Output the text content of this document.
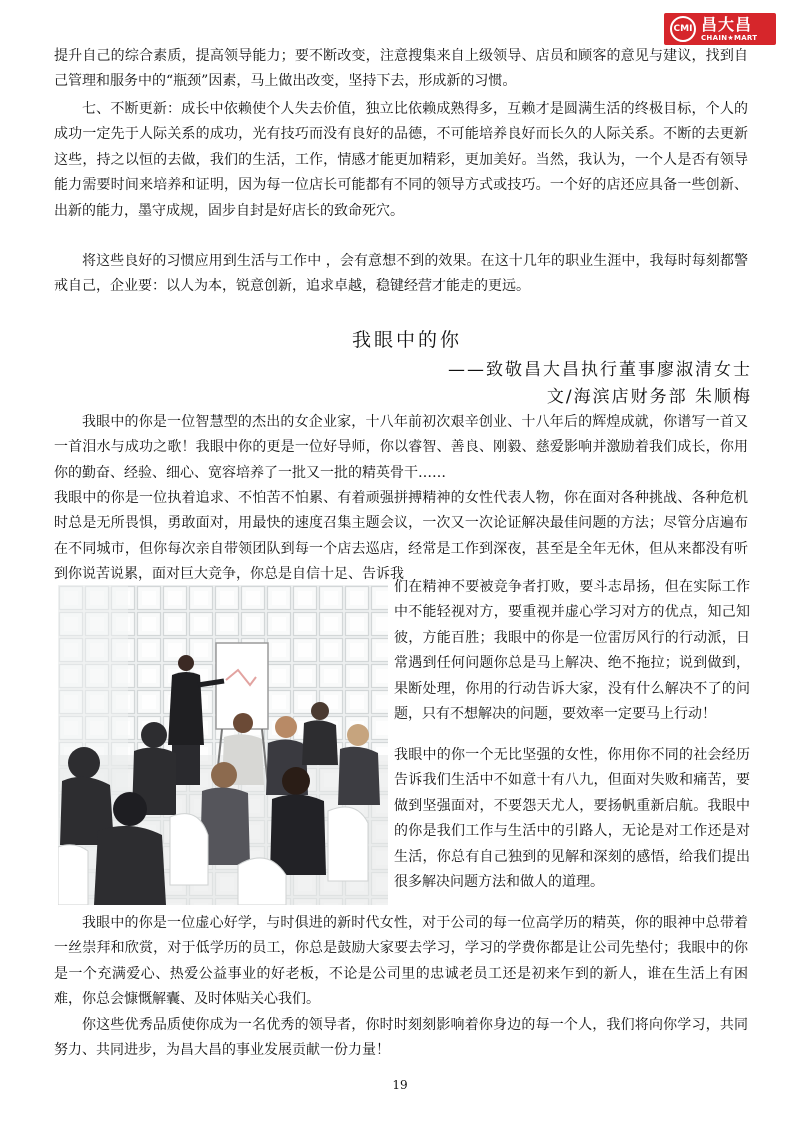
CMI 昌大昌
CHAIN★MART

提升自己的综合素质，提高领导能力；要不断改变，注意搜集来自上级领导、店员和顾客的意见与建议，找到自己管理和服务中的“瓶颈”因素，马上做出改变，坚持下去，形成新的习惯。

七、不断更新：成长中依赖使个人失去价值，独立比依赖成熟得多，互赖才是圆满生活的终极目标，个人的成功一定先于人际关系的成功，光有技巧而没有良好的品德，不可能培养良好而长久的人际关系。不断的去更新这些，持之以恒的去做，我们的生活，工作，情感才能更加精彩，更加美好。当然，我认为，一个人是否有领导能力需要时间来培养和证明，因为每一位店长可能都有不同的领导方式或技巧。一个好的店还应具备一些创新、出新的能力，墨守成规，固步自封是好店长的致命死穴。

将这些良好的习惯应用到生活与工作中 ，会有意想不到的效果。在这十几年的职业生涯中，我每时每刻都警戒自己，企业要：以人为本，锐意创新，追求卓越，稳键经营才能走的更远。

我眼中的你
——致敬昌大昌执行董事廖淑清女士
文/海滨店财务部 朱顺梅

我眼中的你是一位智慧型的杰出的女企业家，十八年前初次艰辛创业、十八年后的辉煌成就，你谱写一首又一首泪水与成功之歌！我眼中你的更是一位好导师，你以睿智、善良、刚毅、慈爱影响并激励着我们成长，你用你的勤奋、经验、细心、宽容培养了一批又一批的精英骨干……

我眼中的你是一位执着追求、不怕苦不怕累、有着顽强拼搏精神的女性代表人物，你在面对各种挑战、各种危机时总是无所畏惧，勇敢面对，用最快的速度召集主题会议，一次又一次论证解决最佳问题的方法；尽管分店遍布在不同城市，但你每次亲自带领团队到每一个店去巡店，经常是工作到深夜，甚至是全年无休，但从来都没有听到你说苦说累，面对巨大竞争，你总是自信十足、告诉我

们在精神不要被竞争者打败，要斗志昂扬，但在实际工作中不能轻视对方，要重视并虚心学习对方的优点，知己知彼，方能百胜；我眼中的你是一位雷厉风行的行动派，日常遇到任何问题你总是马上解决、绝不拖拉；说到做到，果断处理，你用的行动告诉大家，没有什么解决不了的问题，只有不想解决的问题，要效率一定要马上行动！

我眼中的你一个无比坚强的女性，你用你不同的社会经历告诉我们生活中不如意十有八九，但面对失败和痛苦，要做到坚强面对，不要怨天尤人，要扬帆重新启航。我眼中的你是我们工作与生活中的引路人，无论是对工作还是对生活，你总有自己独到的见解和深刻的感悟，给我们提出很多解决问题方法和做人的道理。

我眼中的你是一位虚心好学，与时俱进的新时代女性，对于公司的每一位高学历的精英，你的眼神中总带着一丝崇拜和欣赏，对于低学历的员工，你总是鼓励大家要去学习，学习的学费你都是让公司先垫付；我眼中的你是一个充满爱心、热爱公益事业的好老板，不论是公司里的忠诚老员工还是初来乍到的新人，谁在生活上有困难，你总会慷慨解囊、及时体贴关心我们。

你这些优秀品质使你成为一名优秀的领导者，你时时刻刻影响着你身边的每一个人，我们将向你学习，共同努力、共同进步，为昌大昌的事业发展贡献一份力量！

19
